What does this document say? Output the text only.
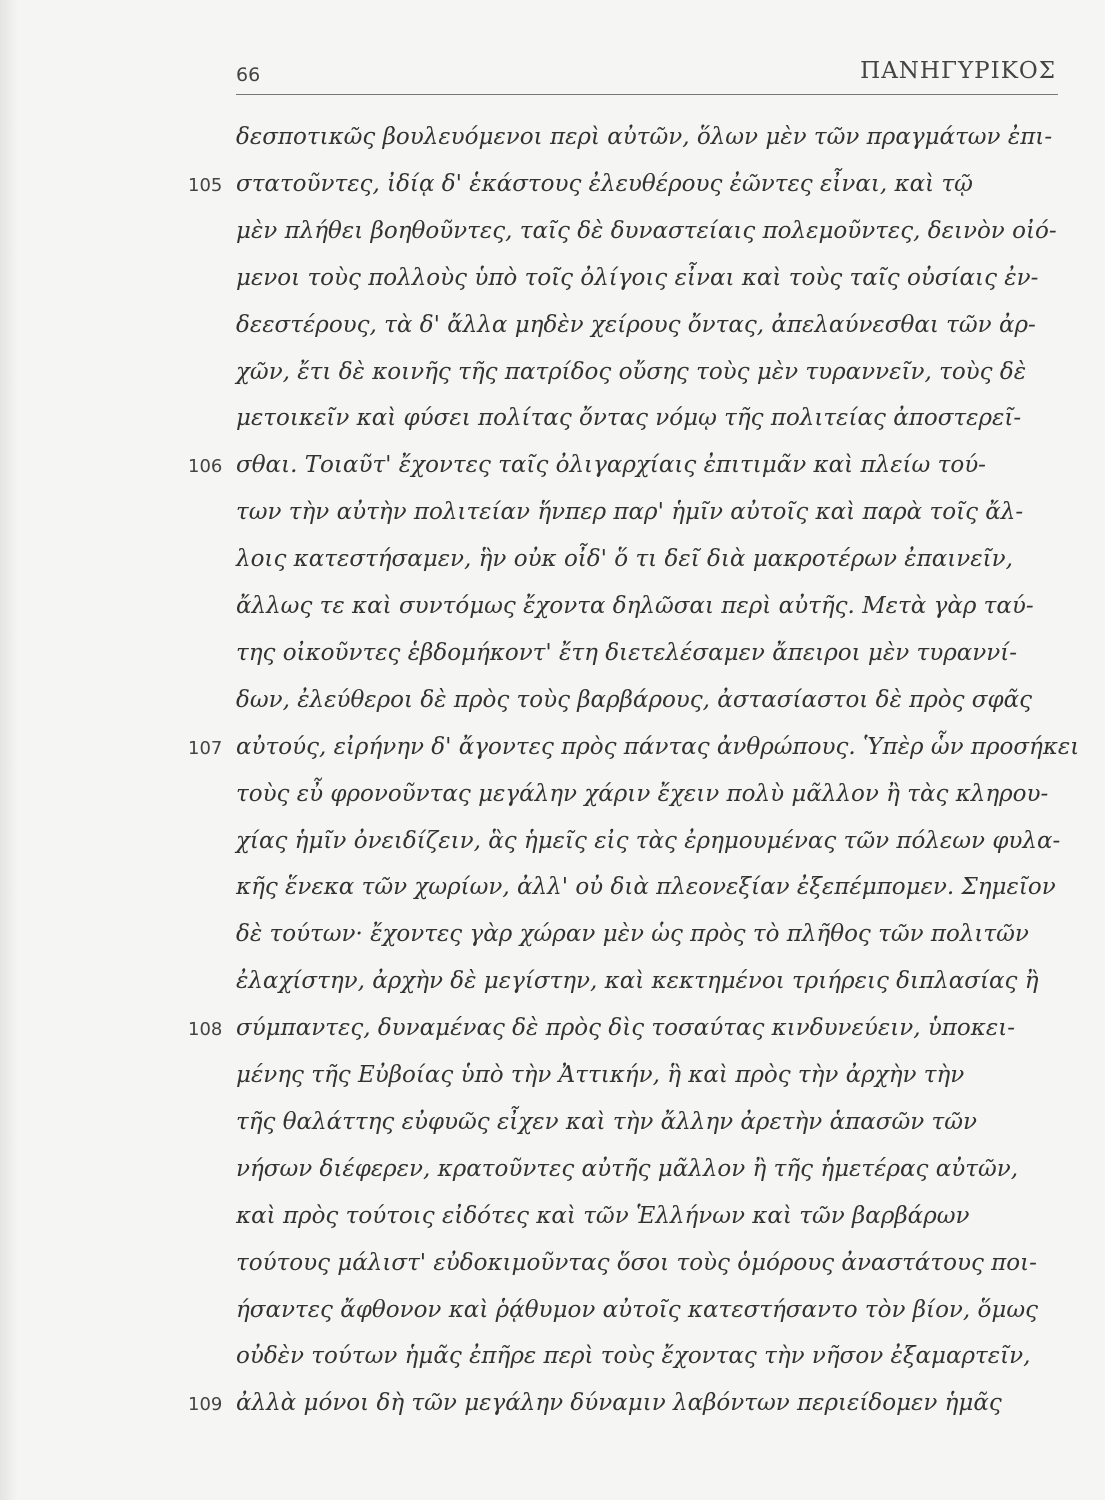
66	ΠΑΝΗΓΥΡΙΚΟΣ
δεσποτικῶς βουλευόμενοι περὶ αὐτῶν, ὅλων μὲν τῶν πραγμάτων ἐπι-
στατοῦντες, ἰδίᾳ δ' ἑκάστους ἐλευθέρους ἐῶντες εἶναι, καὶ τῷ
μὲν πλήθει βοηθοῦντες, ταῖς δὲ δυναστείαις πολεμοῦντες, δεινὸν οἰό-
μενοι τοὺς πολλοὺς ὑπὸ τοῖς ὀλίγοις εἶναι καὶ τοὺς ταῖς οὐσίαις ἐν-
δεεστέρους, τὰ δ' ἄλλα μηδὲν χείρους ὄντας, ἀπελαύνεσθαι τῶν ἀρ-
χῶν, ἔτι δὲ κοινῆς τῆς πατρίδος οὔσης τοὺς μὲν τυραννεῖν, τοὺς δὲ
μετοικεῖν καὶ φύσει πολίτας ὄντας νόμῳ τῆς πολιτείας ἀποστερεῖ-
σθαι. Τοιαῦτ' ἔχοντες ταῖς ὀλιγαρχίαις ἐπιτιμᾶν καὶ πλείω τού-
των τὴν αὐτὴν πολιτείαν ἥνπερ παρ' ἡμῖν αὐτοῖς καὶ παρὰ τοῖς ἄλ-
λοις κατεστήσαμεν, ἣν οὐκ οἶδ' ὅ τι δεῖ διὰ μακροτέρων ἐπαινεῖν,
ἄλλως τε καὶ συντόμως ἔχοντα δηλῶσαι περὶ αὐτῆς. Μετὰ γὰρ ταύ-
της οἰκοῦντες ἑβδομήκοντ' ἔτη διετελέσαμεν ἄπειροι μὲν τυραννί-
δων, ἐλεύθεροι δὲ πρὸς τοὺς βαρβάρους, ἀστασίαστοι δὲ πρὸς σφᾶς
αὐτούς, εἰρήνην δ' ἄγοντες πρὸς πάντας ἀνθρώπους. Ὑπὲρ ὧν προσήκει
τοὺς εὖ φρονοῦντας μεγάλην χάριν ἔχειν πολὺ μᾶλλον ἢ τὰς κληρου-
χίας ἡμῖν ὀνειδίζειν, ἃς ἡμεῖς εἰς τὰς ἐρημουμένας τῶν πόλεων φυλα-
κῆς ἕνεκα τῶν χωρίων, ἀλλ' οὐ διὰ πλεονεξίαν ἐξεπέμπομεν. Σημεῖον
δὲ τούτων· ἔχοντες γὰρ χώραν μὲν ὡς πρὸς τὸ πλῆθος τῶν πολιτῶν
ἐλαχίστην, ἀρχὴν δὲ μεγίστην, καὶ κεκτημένοι τριήρεις διπλασίας ἢ
σύμπαντες, δυναμένας δὲ πρὸς δὶς τοσαύτας κινδυνεύειν, ὑποκει-
μένης τῆς Εὐβοίας ὑπὸ τὴν Ἀττικήν, ἣ καὶ πρὸς τὴν ἀρχὴν τὴν
τῆς θαλάττης εὐφυῶς εἶχεν καὶ τὴν ἄλλην ἀρετὴν ἁπασῶν τῶν
νήσων διέφερεν, κρατοῦντες αὐτῆς μᾶλλον ἢ τῆς ἡμετέρας αὐτῶν,
καὶ πρὸς τούτοις εἰδότες καὶ τῶν Ἑλλήνων καὶ τῶν βαρβάρων
τούτους μάλιστ' εὐδοκιμοῦντας ὅσοι τοὺς ὁμόρους ἀναστάτους ποι-
ήσαντες ἄφθονον καὶ ῥᾴθυμον αὐτοῖς κατεστήσαντο τὸν βίον, ὅμως
οὐδὲν τούτων ἡμᾶς ἐπῆρε περὶ τοὺς ἔχοντας τὴν νῆσον ἐξαμαρτεῖν,
ἀλλὰ μόνοι δὴ τῶν μεγάλην δύναμιν λαβόντων περιείδομεν ἡμᾶς
105
106
107
108
109
